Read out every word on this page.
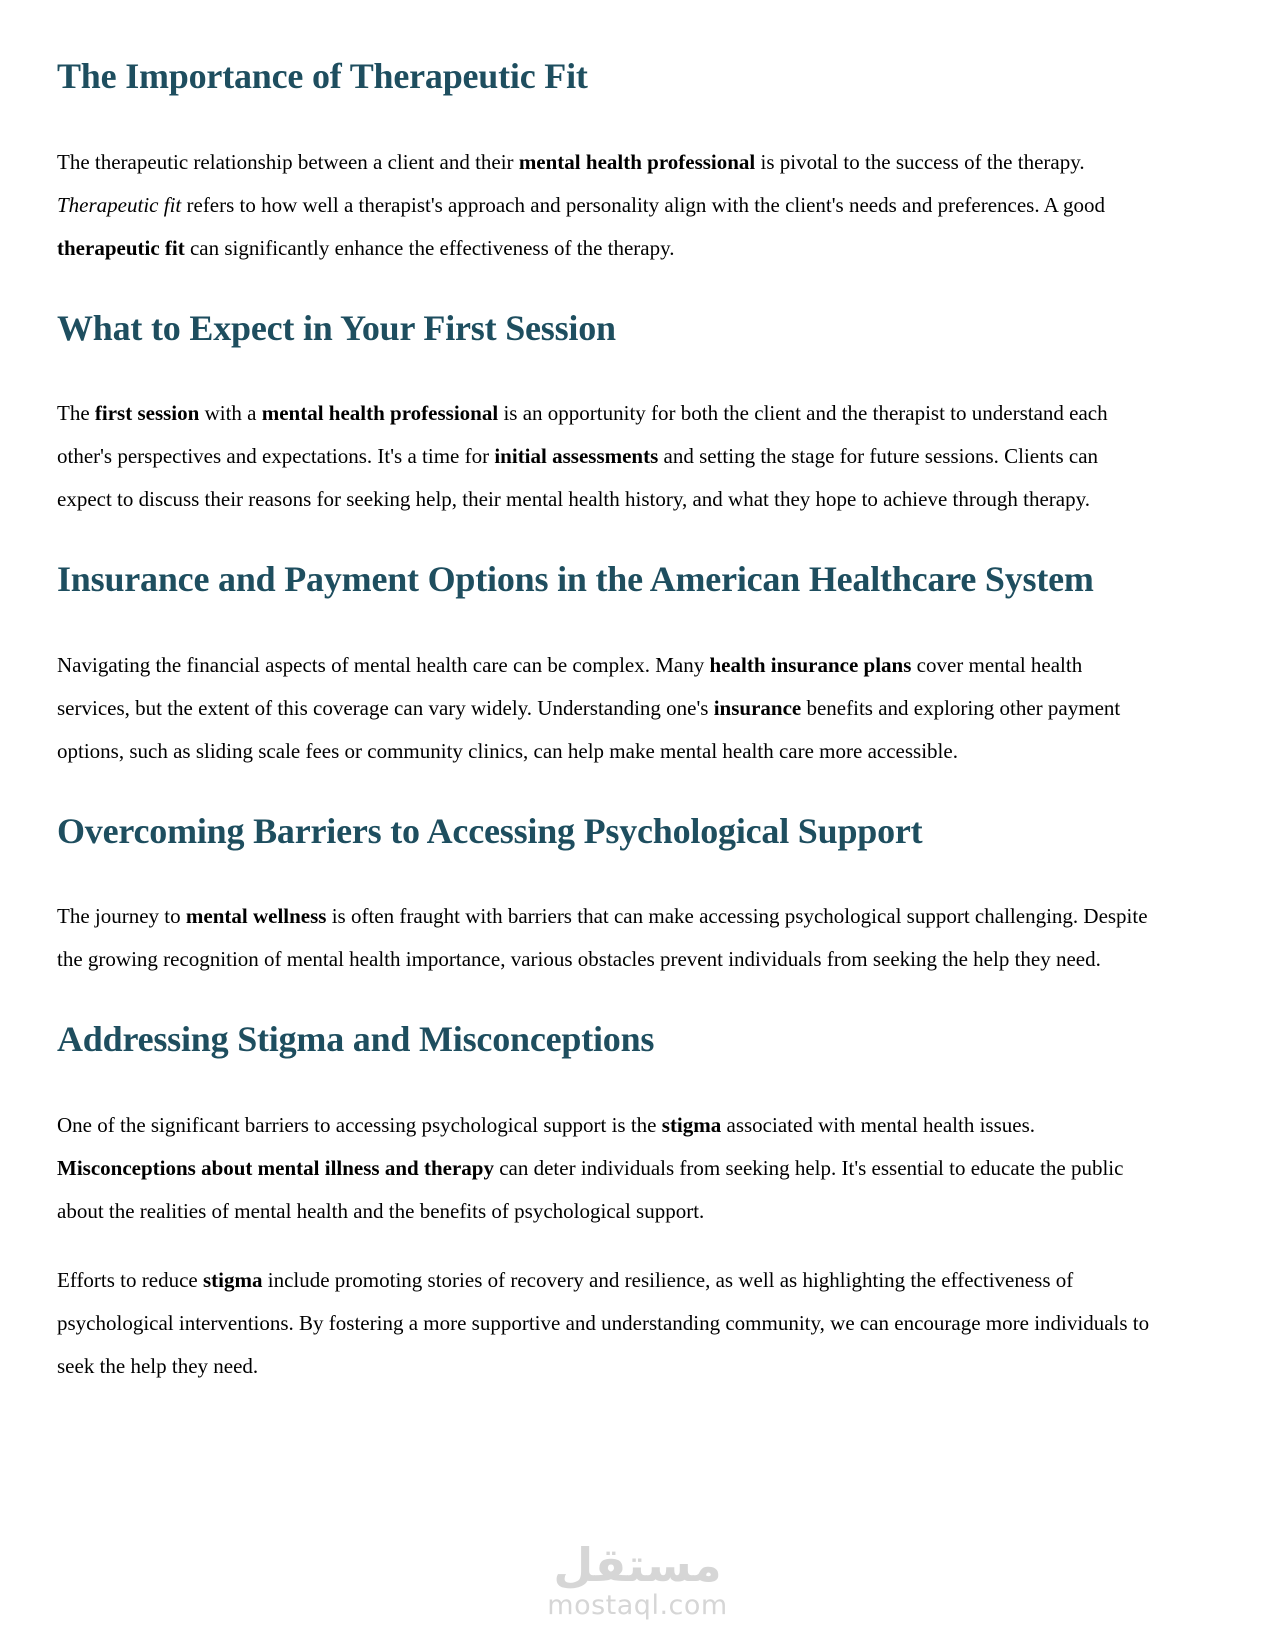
The Importance of Therapeutic Fit

The therapeutic relationship between a client and their mental health professional is pivotal to the success of the therapy. Therapeutic fit refers to how well a therapist's approach and personality align with the client's needs and preferences. A good therapeutic fit can significantly enhance the effectiveness of the therapy.

What to Expect in Your First Session

The first session with a mental health professional is an opportunity for both the client and the therapist to understand each other's perspectives and expectations. It's a time for initial assessments and setting the stage for future sessions. Clients can expect to discuss their reasons for seeking help, their mental health history, and what they hope to achieve through therapy.

Insurance and Payment Options in the American Healthcare System

Navigating the financial aspects of mental health care can be complex. Many health insurance plans cover mental health services, but the extent of this coverage can vary widely. Understanding one's insurance benefits and exploring other payment options, such as sliding scale fees or community clinics, can help make mental health care more accessible.

Overcoming Barriers to Accessing Psychological Support

The journey to mental wellness is often fraught with barriers that can make accessing psychological support challenging. Despite the growing recognition of mental health importance, various obstacles prevent individuals from seeking the help they need.

Addressing Stigma and Misconceptions

One of the significant barriers to accessing psychological support is the stigma associated with mental health issues. Misconceptions about mental illness and therapy can deter individuals from seeking help. It's essential to educate the public about the realities of mental health and the benefits of psychological support.

Efforts to reduce stigma include promoting stories of recovery and resilience, as well as highlighting the effectiveness of psychological interventions. By fostering a more supportive and understanding community, we can encourage more individuals to seek the help they need.

مستقل
mostaql.com
